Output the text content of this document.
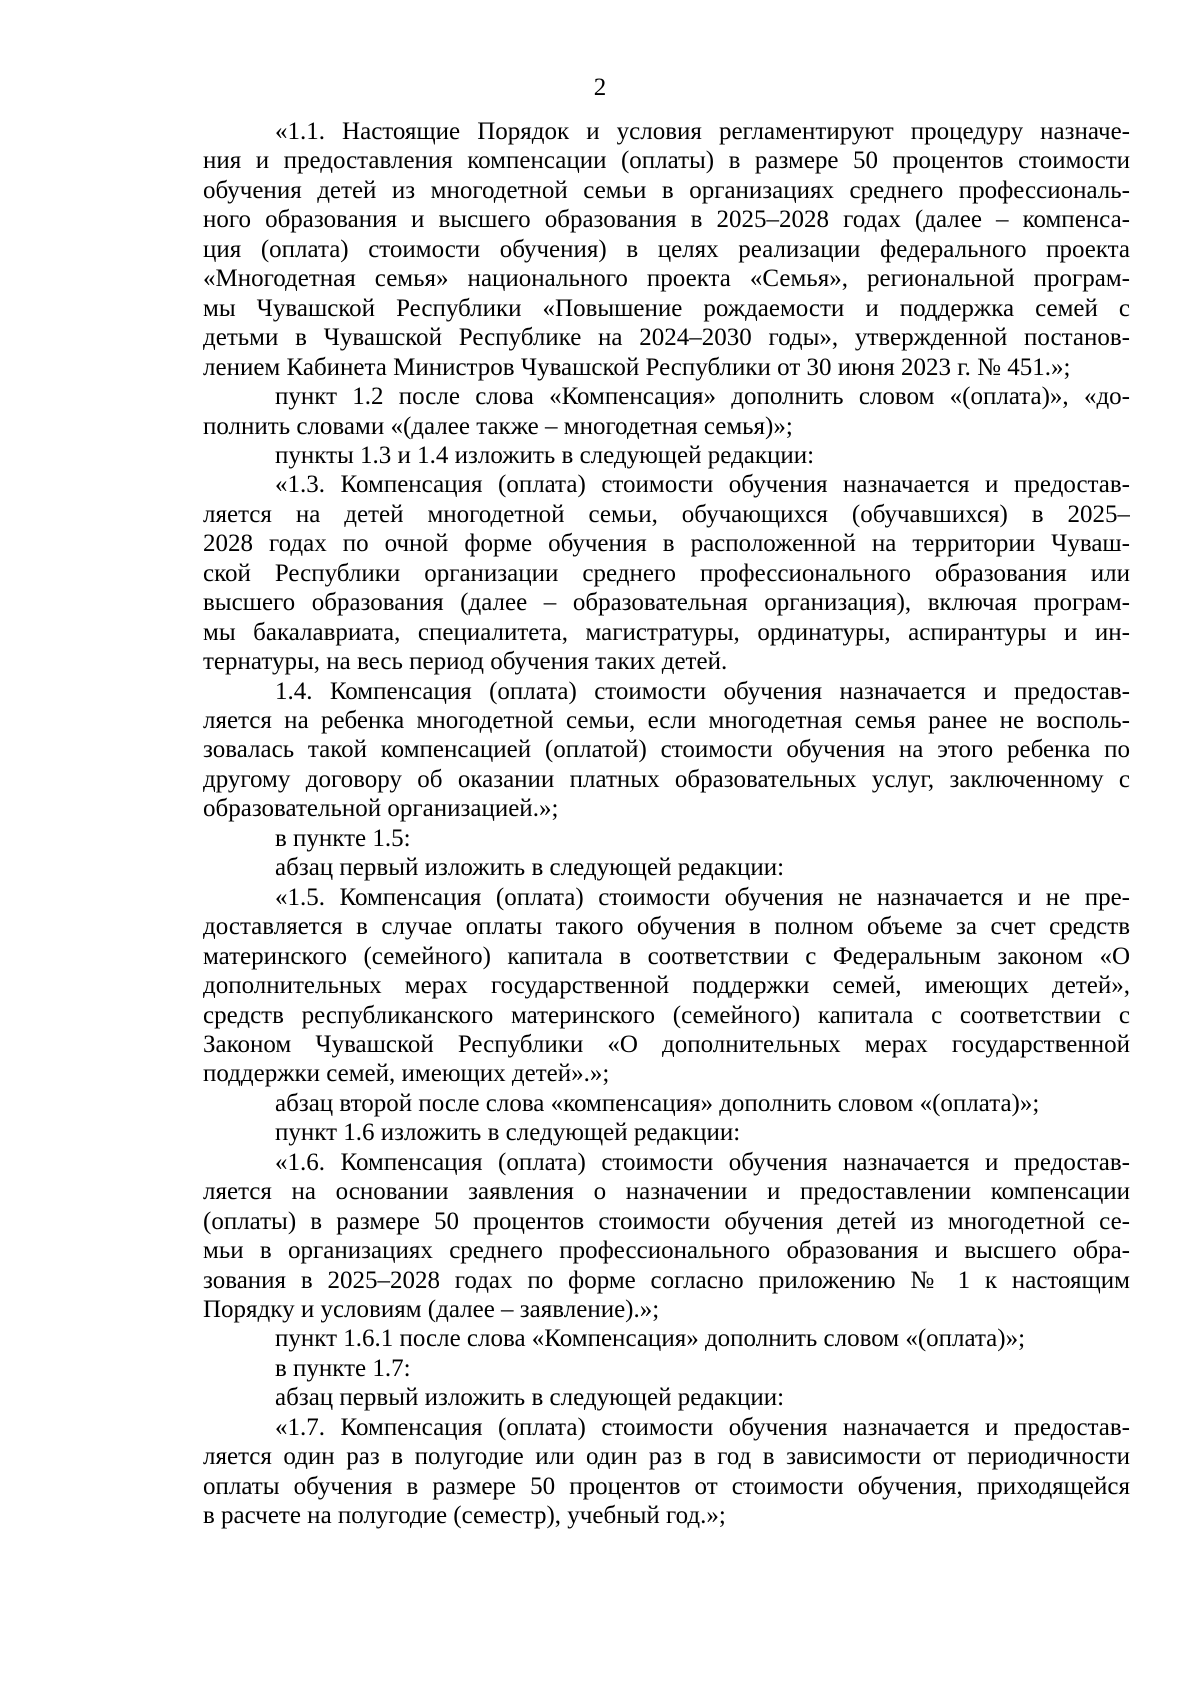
2
«1.1. Настоящие Порядок и условия регламентируют процедуру назначе-
ния и предоставления компенсации (оплаты) в размере 50 процентов стоимости
обучения детей из многодетной семьи в организациях среднего профессиональ-
ного образования и высшего образования в 2025–2028 годах (далее – компенса-
ция (оплата) стоимости обучения) в целях реализации федерального проекта
«Многодетная семья» национального проекта «Семья», региональной програм-
мы Чувашской Республики «Повышение рождаемости и поддержка семей с
детьми в Чувашской Республике на 2024–2030 годы», утвержденной постанов-
лением Кабинета Министров Чувашской Республики от 30 июня 2023 г. № 451.»;
пункт 1.2 после слова «Компенсация» дополнить словом «(оплата)», «до-
полнить словами «(далее также – многодетная семья)»;
пункты 1.3 и 1.4 изложить в следующей редакции:
«1.3. Компенсация (оплата) стоимости обучения назначается и предостав-
ляется на детей многодетной семьи, обучающихся (обучавшихся) в 2025–
2028 годах по очной форме обучения в расположенной на территории Чуваш-
ской Республики организации среднего профессионального образования или
высшего образования (далее – образовательная организация), включая програм-
мы бакалавриата, специалитета, магистратуры, ординатуры, аспирантуры и ин-
тернатуры, на весь период обучения таких детей.
1.4. Компенсация (оплата) стоимости обучения назначается и предостав-
ляется на ребенка многодетной семьи, если многодетная семья ранее не восполь-
зовалась такой компенсацией (оплатой) стоимости обучения на этого ребенка по
другому договору об оказании платных образовательных услуг, заключенному с
образовательной организацией.»;
в пункте 1.5:
абзац первый изложить в следующей редакции:
«1.5. Компенсация (оплата) стоимости обучения не назначается и не пре-
доставляется в случае оплаты такого обучения в полном объеме за счет средств
материнского (семейного) капитала в соответствии с Федеральным законом «О
дополнительных мерах государственной поддержки семей, имеющих детей»,
средств республиканского материнского (семейного) капитала с соответствии с
Законом Чувашской Республики «О дополнительных мерах государственной
поддержки семей, имеющих детей».»;
абзац второй после слова «компенсация» дополнить словом «(оплата)»;
пункт 1.6 изложить в следующей редакции:
«1.6. Компенсация (оплата) стоимости обучения назначается и предостав-
ляется на основании заявления о назначении и предоставлении компенсации
(оплаты) в размере 50 процентов стоимости обучения детей из многодетной се-
мьи в организациях среднего профессионального образования и высшего обра-
зования в 2025–2028 годах по форме согласно приложению № 1 к настоящим
Порядку и условиям (далее – заявление).»;
пункт 1.6.1 после слова «Компенсация» дополнить словом «(оплата)»;
в пункте 1.7:
абзац первый изложить в следующей редакции:
«1.7. Компенсация (оплата) стоимости обучения назначается и предостав-
ляется один раз в полугодие или один раз в год в зависимости от периодичности
оплаты обучения в размере 50 процентов от стоимости обучения, приходящейся
в расчете на полугодие (семестр), учебный год.»;
